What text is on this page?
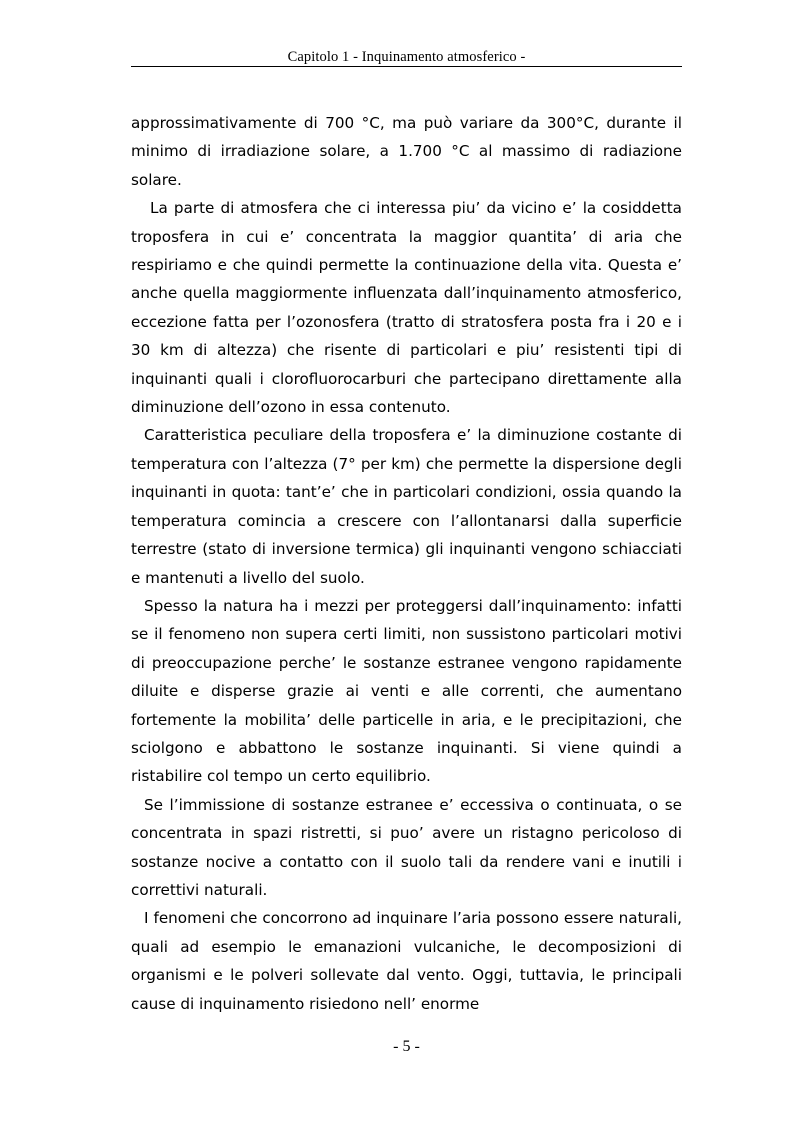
Capitolo 1 - Inquinamento atmosferico -

approssimativamente di 700 °C, ma può variare da 300°C, durante il minimo di irradiazione solare, a 1.700 °C al massimo di radiazione solare.

La parte di atmosfera che ci interessa piu’ da vicino e’ la cosiddetta troposfera in cui e’ concentrata la maggior quantita’ di aria che respiriamo e che quindi permette la continuazione della vita. Questa e’ anche quella maggiormente influenzata dall’inquinamento atmosferico, eccezione fatta per l’ozonosfera (tratto di stratosfera posta fra i 20 e i 30 km di altezza) che risente di particolari e piu’ resistenti tipi di inquinanti quali i clorofluorocarburi che partecipano direttamente alla diminuzione dell’ozono in essa contenuto.

Caratteristica peculiare della troposfera e’ la diminuzione costante di temperatura con l’altezza (7° per km) che permette la dispersione degli inquinanti in quota: tant’e’ che in particolari condizioni, ossia quando la temperatura comincia a crescere con l’allontanarsi dalla superficie terrestre (stato di inversione termica) gli inquinanti vengono schiacciati e mantenuti a livello del suolo.

Spesso la natura ha i mezzi per proteggersi dall’inquinamento: infatti se il fenomeno non supera certi limiti, non sussistono particolari motivi di preoccupazione perche’ le sostanze estranee vengono rapidamente diluite e disperse grazie ai venti e alle correnti, che aumentano fortemente la mobilita’ delle particelle in aria, e le precipitazioni, che sciolgono e abbattono le sostanze inquinanti. Si viene quindi a ristabilire col tempo un certo equilibrio.

Se l’immissione di sostanze estranee e’ eccessiva o continuata, o se concentrata in spazi ristretti, si puo’ avere un ristagno pericoloso di sostanze nocive a contatto con il suolo tali da rendere vani e inutili i correttivi naturali.

I fenomeni che concorrono ad inquinare l’aria possono essere naturali, quali ad esempio le emanazioni vulcaniche, le decomposizioni di organismi e le polveri sollevate dal vento. Oggi, tuttavia, le principali cause di inquinamento risiedono nell’ enorme

- 5 -
